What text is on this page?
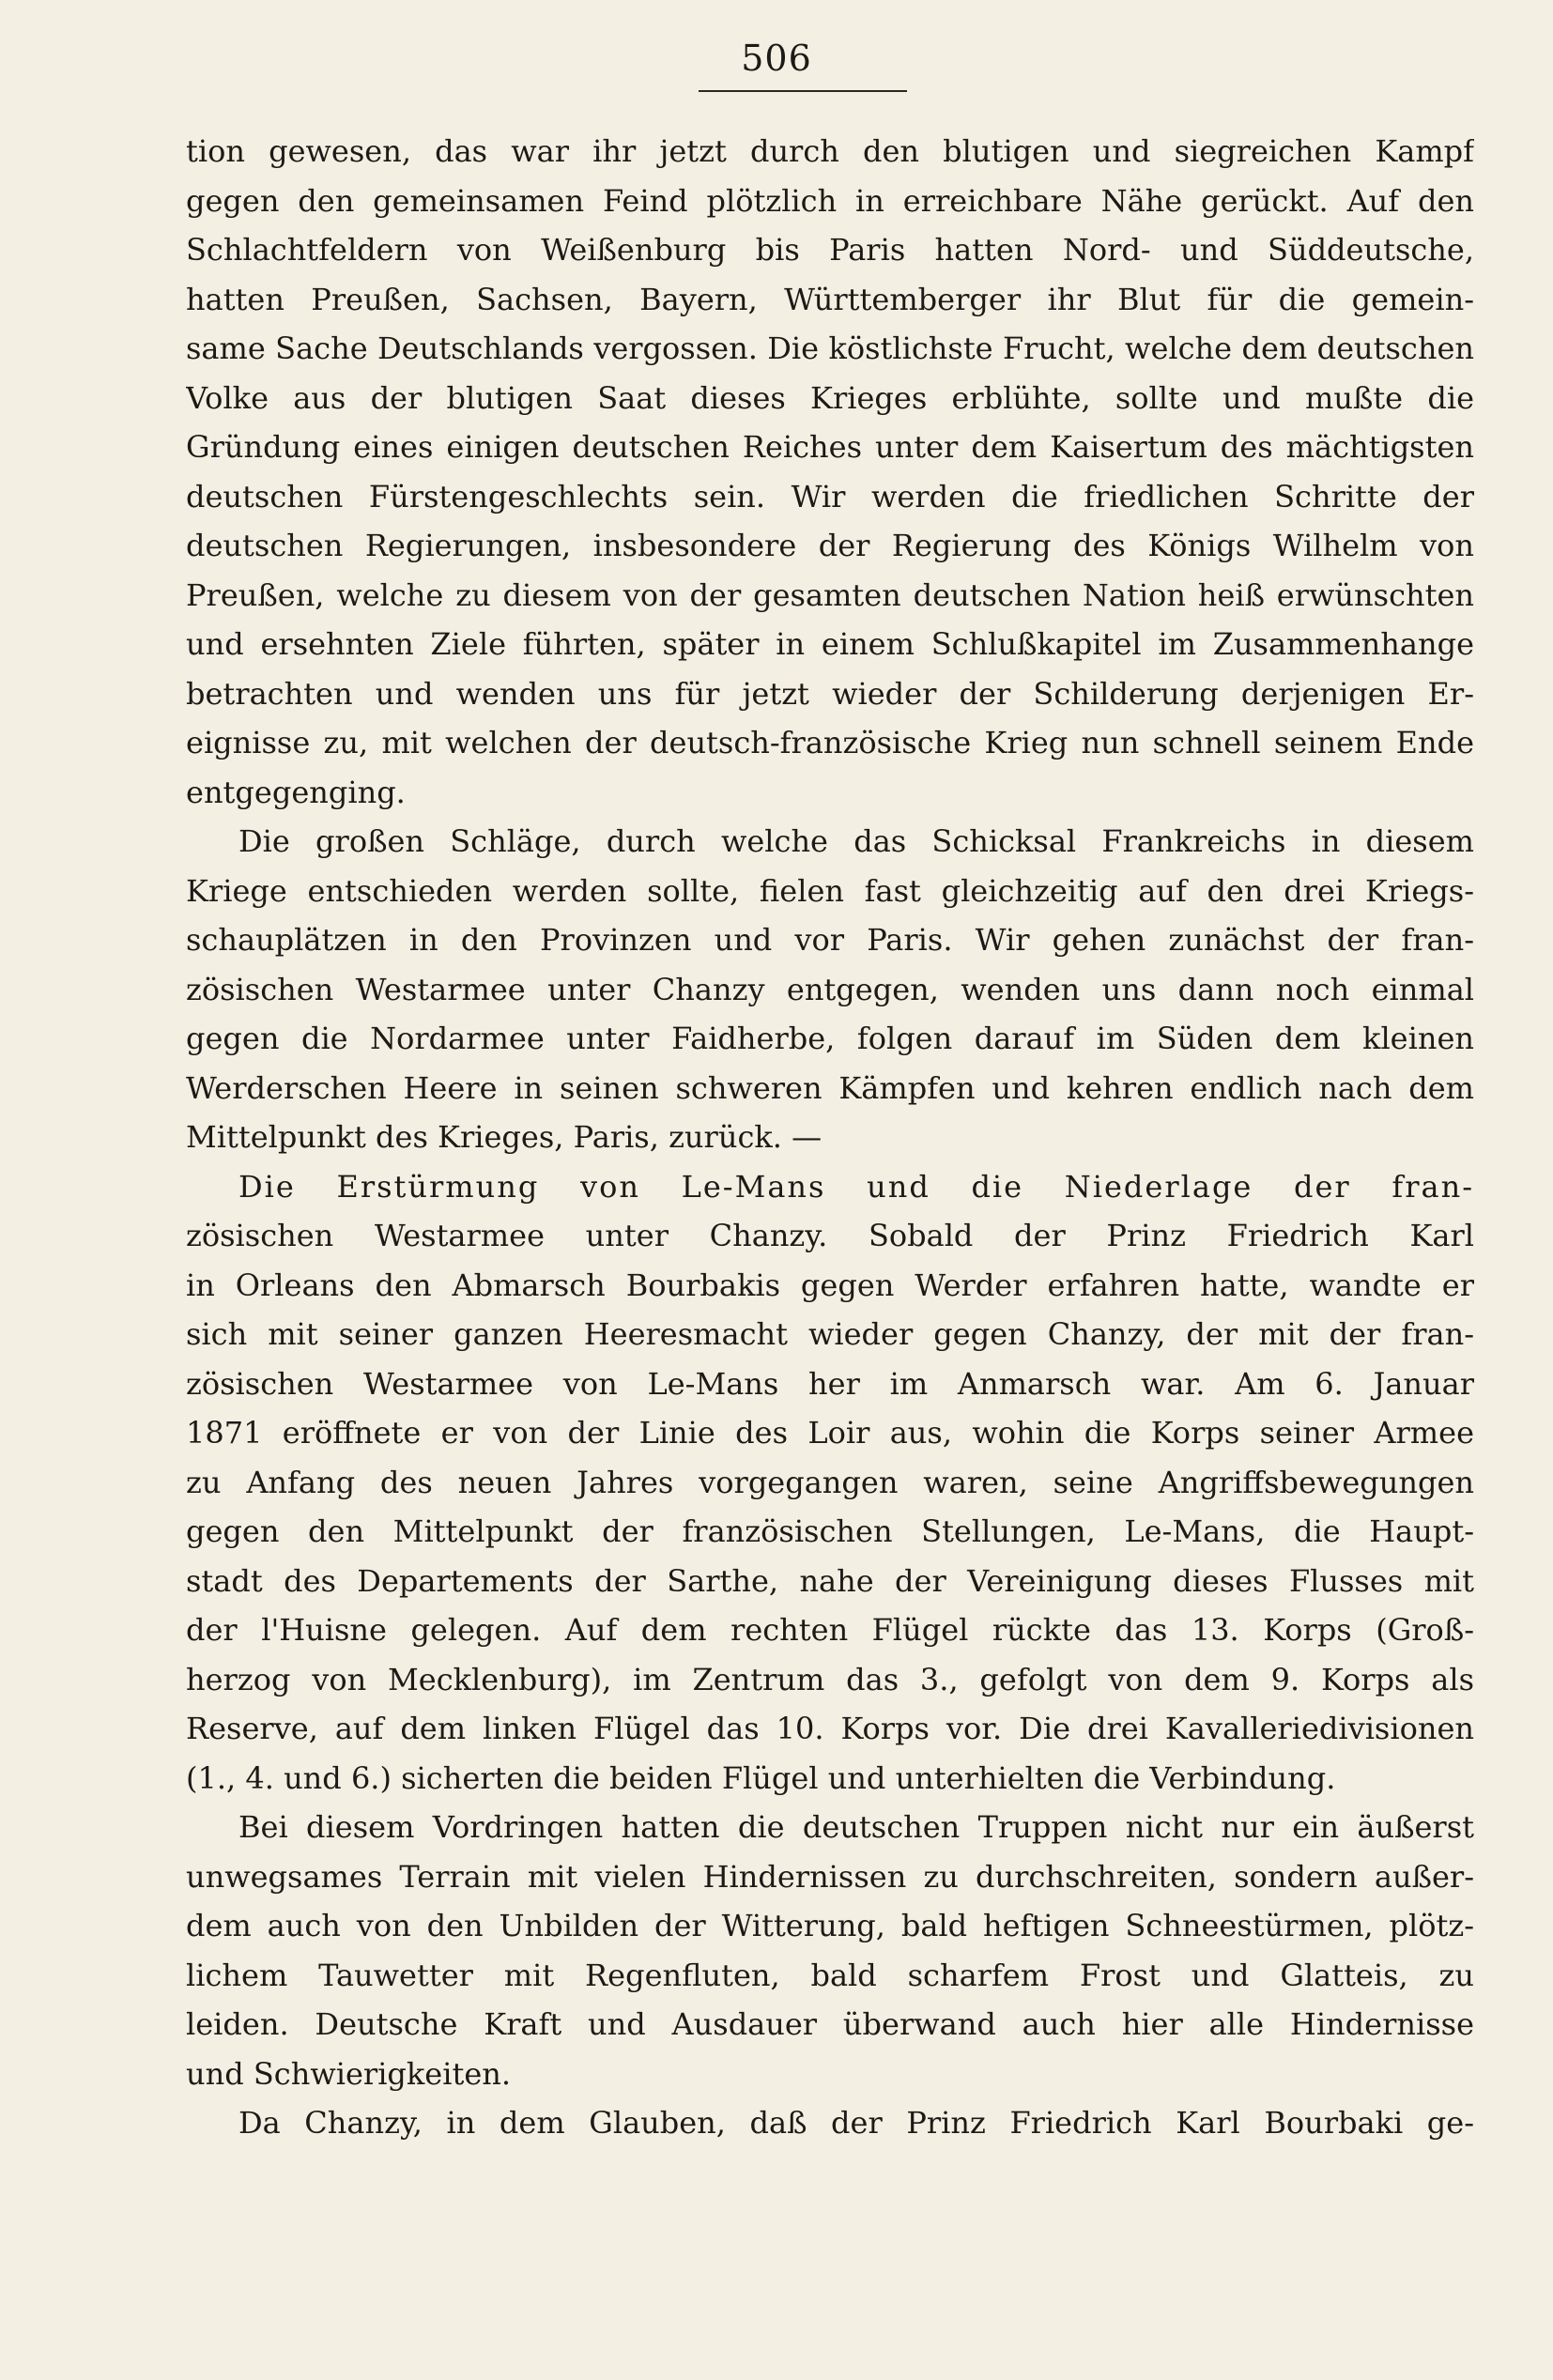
506
tion gewesen, das war ihr jetzt durch den blutigen und siegreichen Kampf
gegen den gemeinsamen Feind plötzlich in erreichbare Nähe gerückt. Auf den
Schlachtfeldern von Weißenburg bis Paris hatten Nord- und Süddeutsche,
hatten Preußen, Sachsen, Bayern, Württemberger ihr Blut für die gemein-
same Sache Deutschlands vergossen. Die köstlichste Frucht, welche dem deutschen
Volke aus der blutigen Saat dieses Krieges erblühte, sollte und mußte die
Gründung eines einigen deutschen Reiches unter dem Kaisertum des mächtigsten
deutschen Fürstengeschlechts sein. Wir werden die friedlichen Schritte der
deutschen Regierungen, insbesondere der Regierung des Königs Wilhelm von
Preußen, welche zu diesem von der gesamten deutschen Nation heiß erwünschten
und ersehnten Ziele führten, später in einem Schlußkapitel im Zusammenhange
betrachten und wenden uns für jetzt wieder der Schilderung derjenigen Er-
eignisse zu, mit welchen der deutsch-französische Krieg nun schnell seinem Ende
entgegenging.
Die großen Schläge, durch welche das Schicksal Frankreichs in diesem
Kriege entschieden werden sollte, fielen fast gleichzeitig auf den drei Kriegs-
schauplätzen in den Provinzen und vor Paris. Wir gehen zunächst der fran-
zösischen Westarmee unter Chanzy entgegen, wenden uns dann noch einmal
gegen die Nordarmee unter Faidherbe, folgen darauf im Süden dem kleinen
Werderschen Heere in seinen schweren Kämpfen und kehren endlich nach dem
Mittelpunkt des Krieges, Paris, zurück. —
Die Erstürmung von Le-Mans und die Niederlage der fran-
zösischen Westarmee unter Chanzy. Sobald der Prinz Friedrich Karl
in Orleans den Abmarsch Bourbakis gegen Werder erfahren hatte, wandte er
sich mit seiner ganzen Heeresmacht wieder gegen Chanzy, der mit der fran-
zösischen Westarmee von Le-Mans her im Anmarsch war. Am 6. Januar
1871 eröffnete er von der Linie des Loir aus, wohin die Korps seiner Armee
zu Anfang des neuen Jahres vorgegangen waren, seine Angriffsbewegungen
gegen den Mittelpunkt der französischen Stellungen, Le-Mans, die Haupt-
stadt des Departements der Sarthe, nahe der Vereinigung dieses Flusses mit
der l'Huisne gelegen. Auf dem rechten Flügel rückte das 13. Korps (Groß-
herzog von Mecklenburg), im Zentrum das 3., gefolgt von dem 9. Korps als
Reserve, auf dem linken Flügel das 10. Korps vor. Die drei Kavalleriedivisionen
(1., 4. und 6.) sicherten die beiden Flügel und unterhielten die Verbindung.
Bei diesem Vordringen hatten die deutschen Truppen nicht nur ein äußerst
unwegsames Terrain mit vielen Hindernissen zu durchschreiten, sondern außer-
dem auch von den Unbilden der Witterung, bald heftigen Schneestürmen, plötz-
lichem Tauwetter mit Regenfluten, bald scharfem Frost und Glatteis, zu
leiden. Deutsche Kraft und Ausdauer überwand auch hier alle Hindernisse
und Schwierigkeiten.
Da Chanzy, in dem Glauben, daß der Prinz Friedrich Karl Bourbaki ge-
